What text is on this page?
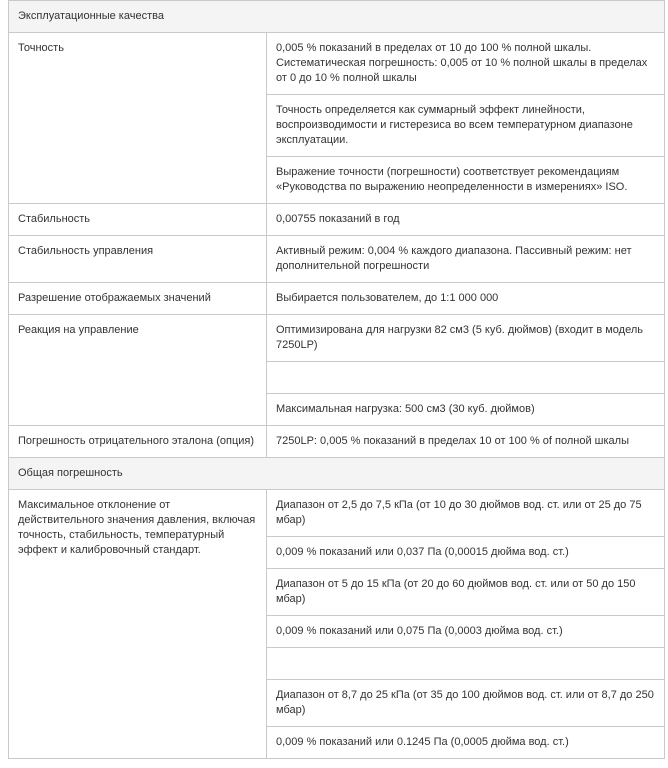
Эксплуатационные качества	
Точность	0,005 % показаний в пределах от 10 до 100 % полной шкалы. Систематическая погрешность: 0,005 от 10 % полной шкалы в пределах от 0 до 10 % полной шкалы
	Точность определяется как суммарный эффект линейности, воспроизводимости и гистерезиса во всем температурном диапазоне эксплуатации.
	Выражение точности (погрешности) соответствует рекомендациям «Руководства по выражению неопределенности в измерениях» ISO.
Стабильность	0,00755 показаний в год
Стабильность управления	Активный режим: 0,004 % каждого диапазона. Пассивный режим: нет дополнительной погрешности
Разрешение отображаемых значений	Выбирается пользователем, до 1:1 000 000
Реакция на управление	Оптимизирована для нагрузки 82 см3 (5 куб. дюймов) (входит в модель 7250LP)

	Максимальная нагрузка: 500 см3 (30 куб. дюймов)
Погрешность отрицательного эталона (опция)	7250LP: 0,005 % показаний в пределах 10 от 100 % of полной шкалы
Общая погрешность	
Максимальное отклонение от действительного значения давления, включая точность, стабильность, температурный эффект и калибровочный стандарт.	Диапазон от 2,5 до 7,5 кПа (от 10 до 30 дюймов вод. ст. или от 25 до 75 мбар)
	0,009 % показаний или 0,037 Па (0,00015 дюйма вод. ст.)
	Диапазон от 5 до 15 кПа (от 20 до 60 дюймов вод. ст. или от 50 до 150 мбар)
	0,009 % показаний или 0,075 Па (0,0003 дюйма вод. ст.)

	Диапазон от 8,7 до 25 кПа (от 35 до 100 дюймов вод. ст. или от 8,7 до 250 мбар)
	0,009 % показаний или 0.1245 Па (0,0005 дюйма вод. ст.)
